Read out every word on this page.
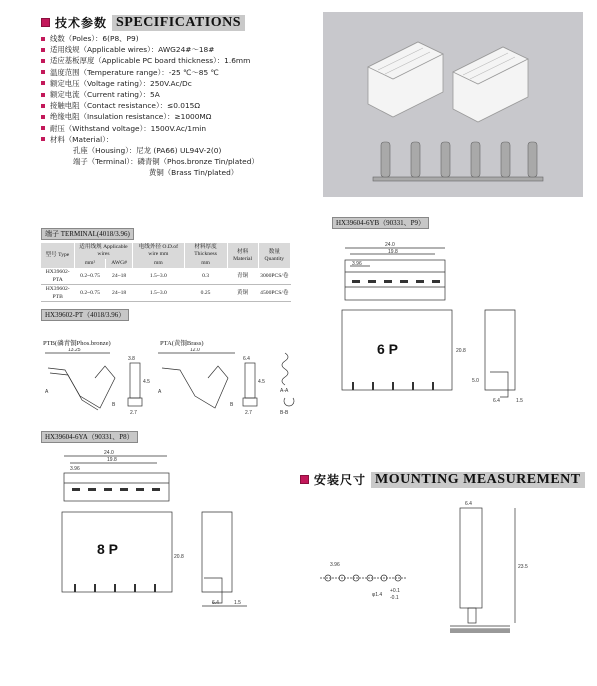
技术参数 SPECIFICATIONS
线数（Poles）：6(P8、P9)
适用线规（Applicable wires）：AWG24#～18#
适应基板厚度（Applicable PC board thickness）：1.6mm
温度范围（Temperature range）：-25 ℃～85 ℃
额定电压（Voltage rating）：250V.Ac/Dc
额定电流（Current rating）：5A
接触电阻（Contact resistance）：≤0.015Ω
绝缘电阻（Insulation resistance）：≥1000MΩ
耐压（Withstand voltage）：1500V.Ac/1min
材料（Material）：
孔座（Housing）：尼龙 (PA66) UL94V-2(0)
端子（Terminal）：磷青铜（Phos.bronze Tin/plated）
黄铜（Brass Tin/plated）
端子 TERMINAL(4018/3.96)
型号 Type	适用线规 Applicable wires		电线外径 O.D.of wire mm	材料厚度 Thickness	材料 Material	数量 Quantity
	mm²	AWG#	mm	mm		
HX39602-PTA	0.2~0.75	24~18	1.5~3.0	0.3	青铜	3000PCS/卷
HX39602-PTB	0.2~0.75	24~18	1.5~3.0	0.25	黄铜	4500PCS/卷
HX39602-PT（4018/3.96）
PTB(磷青铜Phos.bronze)	PTA(黄铜Brass)
13.25	12.0
3.8	6.4
4.5	4.5
2.7	2.7
A	A
B	B
A-A
B-B
HX39604-6YB（90331、P9）
6 P
24.0
19.8
3.96
20.8
5.0
6.4	1.5
HX39604-6YA（90331、P8）
8 P
24.0
19.8
3.96
20.8
6.4	1.5
安装尺寸 MOUNTING MEASUREMENT
6.4
3.96	23.5
φ1.4
+0.1
-0.1
